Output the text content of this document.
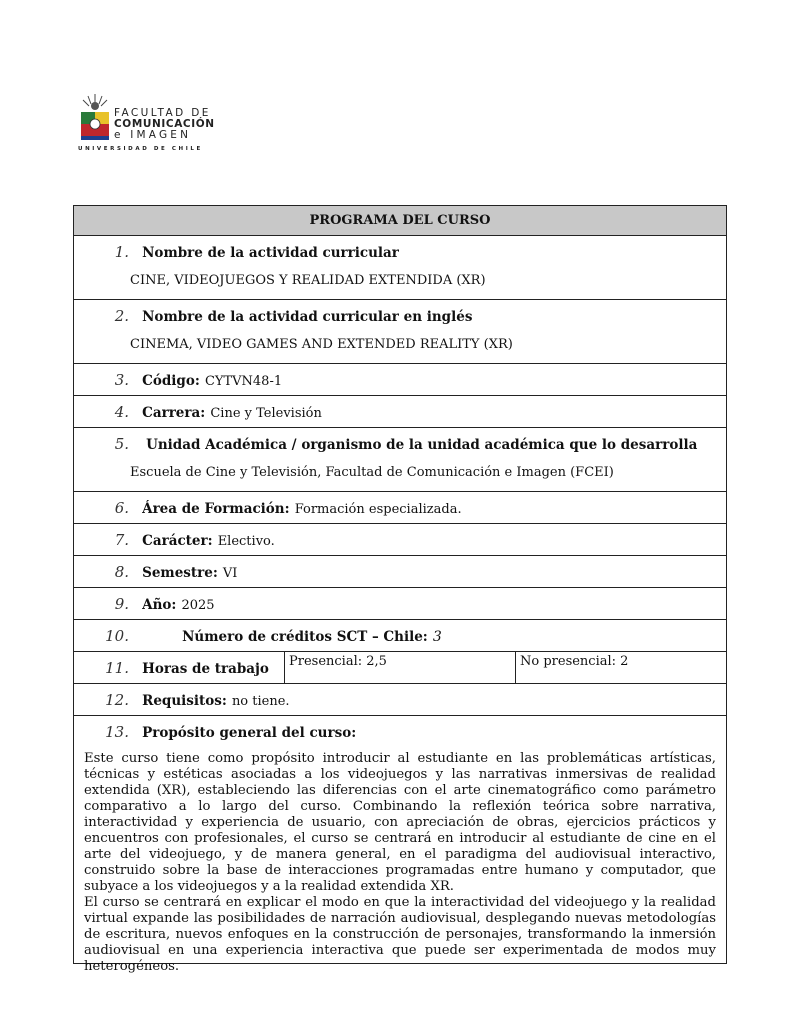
FACULTAD DE
COMUNICACIÓN
e IMAGEN
UNIVERSIDAD DE CHILE
PROGRAMA DEL CURSO
1. Nombre de la actividad curricular
CINE, VIDEOJUEGOS Y REALIDAD EXTENDIDA (XR)
2. Nombre de la actividad curricular en inglés
CINEMA, VIDEO GAMES AND EXTENDED REALITY (XR)
3. Código: CYTVN48-1
4. Carrera: Cine y Televisión
5. Unidad Académica / organismo de la unidad académica que lo desarrolla
Escuela de Cine y Televisión, Facultad de Comunicación e Imagen (FCEI)
6. Área de Formación: Formación especializada.
7. Carácter: Electivo.
8. Semestre: VI
9. Año: 2025
10.	Número de créditos SCT – Chile: 3
11. Horas de trabajo Presencial: 2,5	No presencial: 2
12. Requisitos: no tiene.
13. Propósito general del curso:
Este curso tiene como propósito introducir al estudiante en las problemáticas artísticas, técnicas y estéticas asociadas a los videojuegos y las narrativas inmersivas de realidad extendida (XR), estableciendo las diferencias con el arte cinematográfico como parámetro comparativo a lo largo del curso. Combinando la reflexión teórica sobre narrativa, interactividad y experiencia de usuario, con apreciación de obras, ejercicios prácticos y encuentros con profesionales, el curso se centrará en introducir al estudiante de cine en el arte del videojuego, y de manera general, en el paradigma del audiovisual interactivo, construido sobre la base de interacciones programadas entre humano y computador, que subyace a los videojuegos y a la realidad extendida XR.
El curso se centrará en explicar el modo en que la interactividad del videojuego y la realidad virtual expande las posibilidades de narración audiovisual, desplegando nuevas metodologías de escritura, nuevos enfoques en la construcción de personajes, transformando la inmersión audiovisual en una experiencia interactiva que puede ser experimentada de modos muy heterogéneos.
